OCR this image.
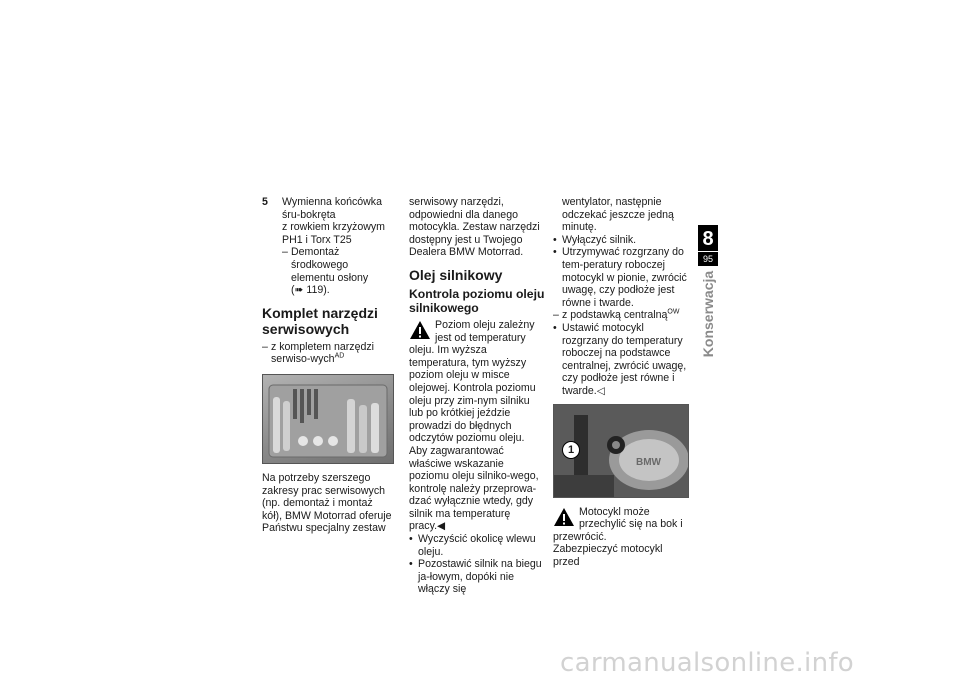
5 Wymienna końcówka śru-bokręta

z rowkiem krzyżowym PH1 i Torx T25

– Demontaż środkowego elementu osłony

(➠ 119).

Komplet narzędzi serwisowych
– z kompletem narzędzi serwiso-wych$^{AD}$

Na potrzeby szerszego zakresy prac serwisowych (np. demontaż i montaż kół), BMW Motorrad oferuje Państwu specjalny zestaw

serwisowy narzędzi, odpowiedni dla danego motocykla. Zestaw narzędzi dostępny jest u Twojego Dealera BMW Motorrad.

Olej silnikowy
Kontrola poziomu oleju silnikowego

Poziom oleju zależny jest od temperatury oleju. Im wyższa temperatura, tym wyższy poziom oleju w misce olejowej. Kontrola poziomu oleju przy zim-nym silniku lub po krótkiej jeździe prowadzi do błędnych odczytów poziomu oleju.

Aby zagwarantować właściwe wskazanie poziomu oleju silniko-wego, kontrolę należy przeprowa-dzać wyłącznie wtedy, gdy silnik ma temperaturę pracy.◀

• Wyczyścić okolicę wlewu oleju.

• Pozostawić silnik na biegu ja-łowym, dopóki nie włączy się

wentylator, następnie odczekać jeszcze jedną minutę.

• Wyłączyć silnik.

• Utrzymywać rozgrzany do tem-peratury roboczej motocykl w pionie, zwrócić uwagę, czy podłoże jest równe i twarde.

– z podstawką centralną$^{OW}$

• Ustawić motocykl rozgrzany do temperatury roboczej na podstawce centralnej, zwrócić uwagę, czy podłoże jest równe i twarde.◁

BMW
1

Motocykl może przechylić się na bok i przewrócić.

Zabezpieczyć motocykl przed

8
95
Konserwacja
carmanualsonline.info
